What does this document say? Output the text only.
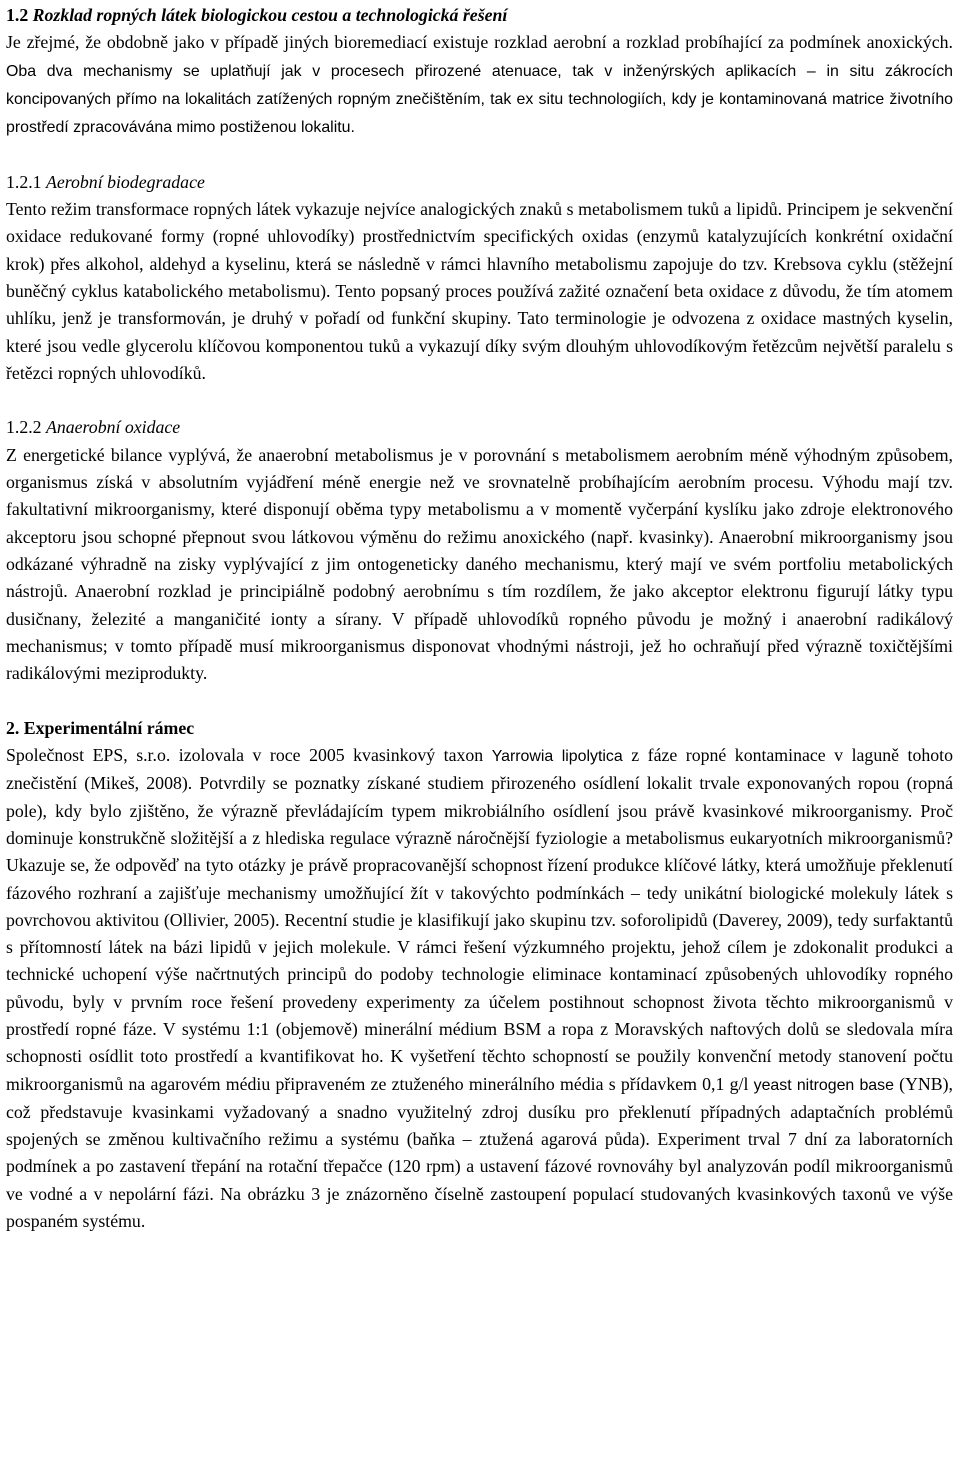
1.2 Rozklad ropných látek biologickou cestou a technologická řešení

Je zřejmé, že obdobně jako v případě jiných bioremediací existuje rozklad aerobní a rozklad probíhající za podmínek anoxických. Oba dva mechanismy se uplatňují jak v procesech přirozené atenuace, tak v inženýrských aplikacích – in situ zákrocích koncipovaných přímo na lokalitách zatížených ropným znečištěním, tak ex situ technologiích, kdy je kontaminovaná matrice životního prostředí zpracovávána mimo postiženou lokalitu.

1.2.1 Aerobní biodegradace

Tento režim transformace ropných látek vykazuje nejvíce analogických znaků s metabolismem tuků a lipidů. Principem je sekvenční oxidace redukované formy (ropné uhlovodíky) prostřednictvím specifických oxidas (enzymů katalyzujících konkrétní oxidační krok) přes alkohol, aldehyd a kyselinu, která se následně v rámci hlavního metabolismu zapojuje do tzv. Krebsova cyklu (stěžejní buněčný cyklus katabolického metabolismu). Tento popsaný proces používá zažité označení beta oxidace z důvodu, že tím atomem uhlíku, jenž je transformován, je druhý v pořadí od funkční skupiny. Tato terminologie je odvozena z oxidace mastných kyselin, které jsou vedle glycerolu klíčovou komponentou tuků a vykazují díky svým dlouhým uhlovodíkovým řetězcům největší paralelu s řetězci ropných uhlovodíků.

1.2.2 Anaerobní oxidace

Z energetické bilance vyplývá, že anaerobní metabolismus je v porovnání s metabolismem aerobním méně výhodným způsobem, organismus získá v absolutním vyjádření méně energie než ve srovnatelně probíhajícím aerobním procesu. Výhodu mají tzv. fakultativní mikroorganismy, které disponují oběma typy metabolismu a v momentě vyčerpání kyslíku jako zdroje elektronového akceptoru jsou schopné přepnout svou látkovou výměnu do režimu anoxického (např. kvasinky). Anaerobní mikroorganismy jsou odkázané výhradně na zisky vyplývající z jim ontogeneticky daného mechanismu, který mají ve svém portfoliu metabolických nástrojů. Anaerobní rozklad je principiálně podobný aerobnímu s tím rozdílem, že jako akceptor elektronu figurují látky typu dusičnany, železité a manganičité ionty a sírany. V případě uhlovodíků ropného původu je možný i anaerobní radikálový mechanismus; v tomto případě musí mikroorganismus disponovat vhodnými nástroji, jež ho ochraňují před výrazně toxičtějšími radikálovými meziprodukty.

2. Experimentální rámec

Společnost EPS, s.r.o. izolovala v roce 2005 kvasinkový taxon Yarrowia lipolytica z fáze ropné kontaminace v laguně tohoto znečistění (Mikeš, 2008). Potvrdily se poznatky získané studiem přirozeného osídlení lokalit trvale exponovaných ropou (ropná pole), kdy bylo zjištěno, že výrazně převládajícím typem mikrobiálního osídlení jsou právě kvasinkové mikroorganismy. Proč dominuje konstrukčně složitější a z hlediska regulace výrazně náročnější fyziologie a metabolismus eukaryotních mikroorganismů? Ukazuje se, že odpověď na tyto otázky je právě propracovanější schopnost řízení produkce klíčové látky, která umožňuje překlenutí fázového rozhraní a zajišťuje mechanismy umožňující žít v takovýchto podmínkách – tedy unikátní biologické molekuly látek s povrchovou aktivitou (Ollivier, 2005). Recentní studie je klasifikují jako skupinu tzv. soforolipidů (Daverey, 2009), tedy surfaktantů s přítomností látek na bázi lipidů v jejich molekule. V rámci řešení výzkumného projektu, jehož cílem je zdokonalit produkci a technické uchopení výše načrtnutých principů do podoby technologie eliminace kontaminací způsobených uhlovodíky ropného původu, byly v prvním roce řešení provedeny experimenty za účelem postihnout schopnost života těchto mikroorganismů v prostředí ropné fáze. V systému 1:1 (objemově) minerální médium BSM a ropa z Moravských naftových dolů se sledovala míra schopnosti osídlit toto prostředí a kvantifikovat ho. K vyšetření těchto schopností se použily konvenční metody stanovení počtu mikroorganismů na agarovém médiu připraveném ze ztuženého minerálního média s přídavkem 0,1 g/l yeast nitrogen base (YNB), což představuje kvasinkami vyžadovaný a snadno využitelný zdroj dusíku pro překlenutí případných adaptačních problémů spojených se změnou kultivačního režimu a systému (baňka – ztužená agarová půda). Experiment trval 7 dní za laboratorních podmínek a po zastavení třepání na rotační třepačce (120 rpm) a ustavení fázové rovnováhy byl analyzován podíl mikroorganismů ve vodné a v nepolární fázi. Na obrázku 3 je znázorněno číselně zastoupení populací studovaných kvasinkových taxonů ve výše pospaném systému.
